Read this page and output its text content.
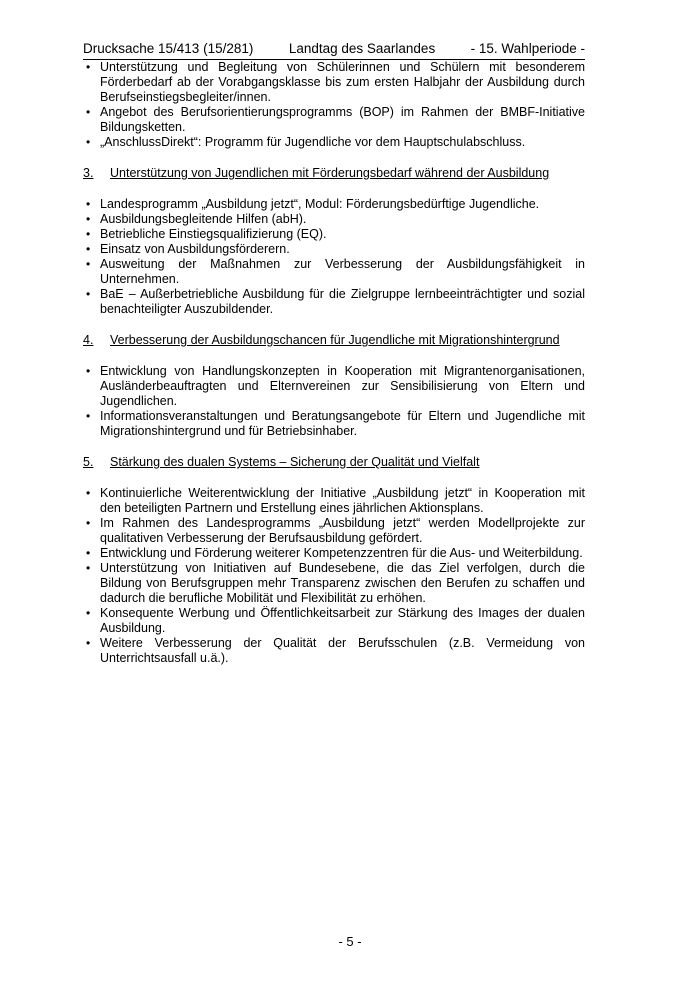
Drucksache 15/413 (15/281)	Landtag des Saarlandes	- 15. Wahlperiode -
• Unterstützung und Begleitung von Schülerinnen und Schülern mit besonderem Förderbedarf ab der Vorabgangsklasse bis zum ersten Halbjahr der Ausbildung durch Berufseinstiegsbegleiter/innen.
• Angebot des Berufsorientierungsprogramms (BOP) im Rahmen der BMBF-Initiative Bildungsketten.
• „AnschlussDirekt“: Programm für Jugendliche vor dem Hauptschulabschluss.
3.	Unterstützung von Jugendlichen mit Förderungsbedarf während der Ausbildung
• Landesprogramm „Ausbildung jetzt“, Modul: Förderungsbedürftige Jugendliche.
• Ausbildungsbegleitende Hilfen (abH).
• Betriebliche Einstiegsqualifizierung (EQ).
• Einsatz von Ausbildungsförderern.
• Ausweitung der Maßnahmen zur Verbesserung der Ausbildungsfähigkeit in Unternehmen.
• BaE – Außerbetriebliche Ausbildung für die Zielgruppe lernbeeinträchtigter und sozial benachteiligter Auszubildender.
4.	Verbesserung der Ausbildungschancen für Jugendliche mit Migrationshintergrund
• Entwicklung von Handlungskonzepten in Kooperation mit Migrantenorganisationen, Ausländerbeauftragten und Elternvereinen zur Sensibilisierung von Eltern und Jugendlichen.
• Informationsveranstaltungen und Beratungsangebote für Eltern und Jugendliche mit Migrationshintergrund und für Betriebsinhaber.
5.	Stärkung des dualen Systems – Sicherung der Qualität und Vielfalt
• Kontinuierliche Weiterentwicklung der Initiative „Ausbildung jetzt“ in Kooperation mit den beteiligten Partnern und Erstellung eines jährlichen Aktionsplans.
• Im Rahmen des Landesprogramms „Ausbildung jetzt“ werden Modellprojekte zur qualitativen Verbesserung der Berufsausbildung gefördert.
• Entwicklung und Förderung weiterer Kompetenzzentren für die Aus- und Weiterbildung.
• Unterstützung von Initiativen auf Bundesebene, die das Ziel verfolgen, durch die Bildung von Berufsgruppen mehr Transparenz zwischen den Berufen zu schaffen und dadurch die berufliche Mobilität und Flexibilität zu erhöhen.
• Konsequente Werbung und Öffentlichkeitsarbeit zur Stärkung des Images der dualen Ausbildung.
• Weitere Verbesserung der Qualität der Berufsschulen (z.B. Vermeidung von Unterrichtsausfall u.ä.).
- 5 -
